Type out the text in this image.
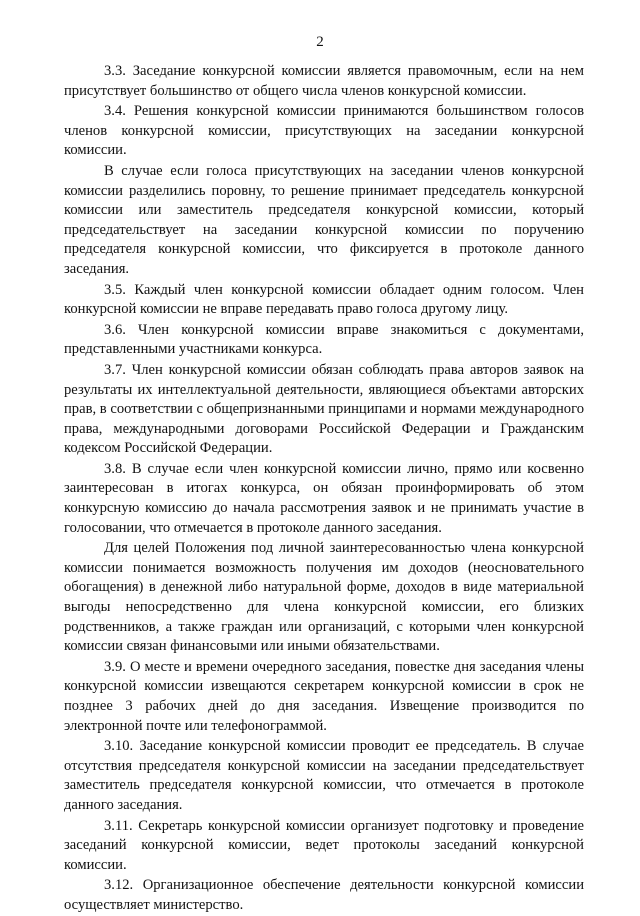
2

3.3. Заседание конкурсной комиссии является правомочным, если на нем присутствует большинство от общего числа членов конкурсной комиссии.

3.4. Решения конкурсной комиссии принимаются большинством голосов членов конкурсной комиссии, присутствующих на заседании конкурсной комиссии.

В случае если голоса присутствующих на заседании членов конкурсной комиссии разделились поровну, то решение принимает председатель конкурсной комиссии или заместитель председателя конкурсной комиссии, который председательствует на заседании конкурсной комиссии по поручению председателя конкурсной комиссии, что фиксируется в протоколе данного заседания.

3.5. Каждый член конкурсной комиссии обладает одним голосом. Член конкурсной комиссии не вправе передавать право голоса другому лицу.

3.6. Член конкурсной комиссии вправе знакомиться с документами, представленными участниками конкурса.

3.7. Член конкурсной комиссии обязан соблюдать права авторов заявок на результаты их интеллектуальной деятельности, являющиеся объектами авторских прав, в соответствии с общепризнанными принципами и нормами международного права, международными договорами Российской Федерации и Гражданским кодексом Российской Федерации.

3.8. В случае если член конкурсной комиссии лично, прямо или косвенно заинтересован в итогах конкурса, он обязан проинформировать об этом конкурсную комиссию до начала рассмотрения заявок и не принимать участие в голосовании, что отмечается в протоколе данного заседания.

Для целей Положения под личной заинтересованностью члена конкурсной комиссии понимается возможность получения им доходов (неосновательного обогащения) в денежной либо натуральной форме, доходов в виде материальной выгоды непосредственно для члена конкурсной комиссии, его близких родственников, а также граждан или организаций, с которыми член конкурсной комиссии связан финансовыми или иными обязательствами.

3.9. О месте и времени очередного заседания, повестке дня заседания члены конкурсной комиссии извещаются секретарем конкурсной комиссии в срок не позднее 3 рабочих дней до дня заседания. Извещение производится по электронной почте или телефонограммой.

3.10. Заседание конкурсной комиссии проводит ее председатель. В случае отсутствия председателя конкурсной комиссии на заседании председательствует заместитель председателя конкурсной комиссии, что отмечается в протоколе данного заседания.

3.11. Секретарь конкурсной комиссии организует подготовку и проведение заседаний конкурсной комиссии, ведет протоколы заседаний конкурсной комиссии.

3.12. Организационное обеспечение деятельности конкурсной комиссии осуществляет министерство.
